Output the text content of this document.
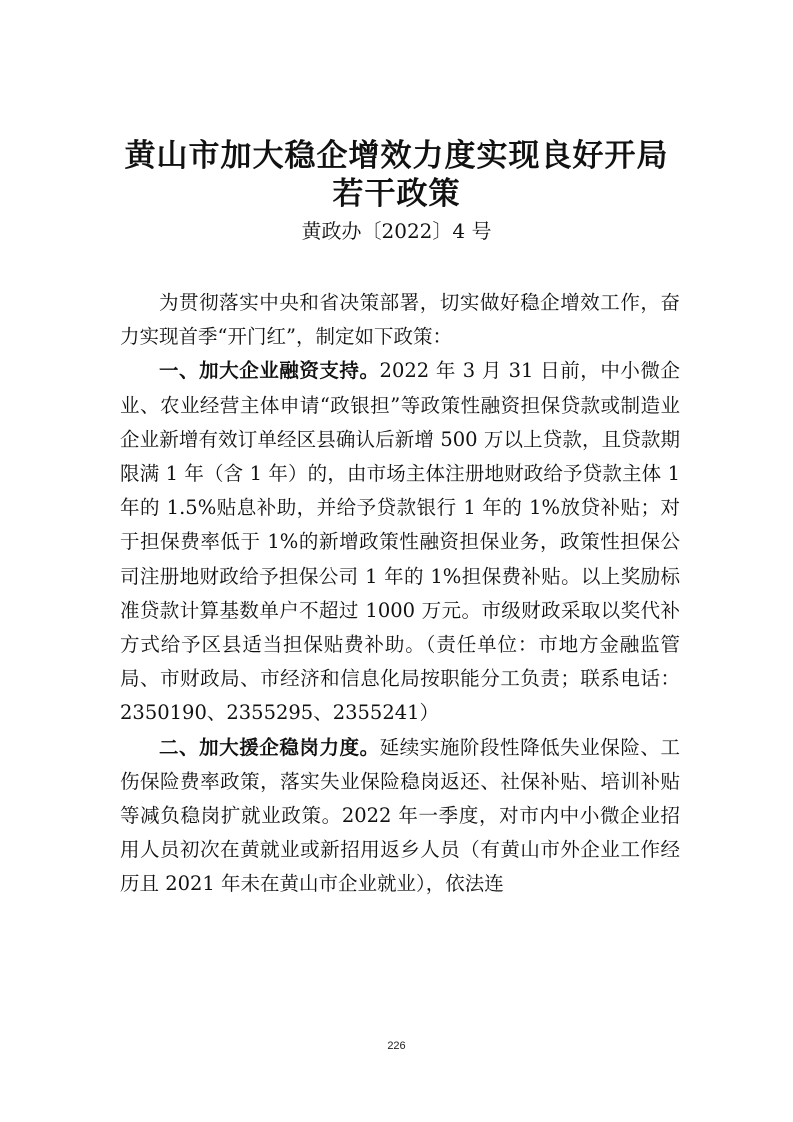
黄山市加大稳企增效力度实现良好开局
若干政策
黄政办〔2022〕4 号

为贯彻落实中央和省决策部署，切实做好稳企增效工作，奋力实现首季“开门红”，制定如下政策：

一、加大企业融资支持。2022 年 3 月 31 日前，中小微企业、农业经营主体申请“政银担”等政策性融资担保贷款或制造业企业新增有效订单经区县确认后新增 500 万以上贷款，且贷款期限满 1 年（含 1 年）的，由市场主体注册地财政给予贷款主体 1 年的 1.5%贴息补助，并给予贷款银行 1 年的 1%放贷补贴；对于担保费率低于 1%的新增政策性融资担保业务，政策性担保公司注册地财政给予担保公司 1 年的 1%担保费补贴。以上奖励标准贷款计算基数单户不超过 1000 万元。市级财政采取以奖代补方式给予区县适当担保贴费补助。（责任单位：市地方金融监管局、市财政局、市经济和信息化局按职能分工负责；联系电话：2350190、2355295、2355241）

二、加大援企稳岗力度。延续实施阶段性降低失业保险、工伤保险费率政策，落实失业保险稳岗返还、社保补贴、培训补贴等减负稳岗扩就业政策。2022 年一季度，对市内中小微企业招用人员初次在黄就业或新招用返乡人员（有黄山市外企业工作经历且 2021 年未在黄山市企业就业），依法连

226
